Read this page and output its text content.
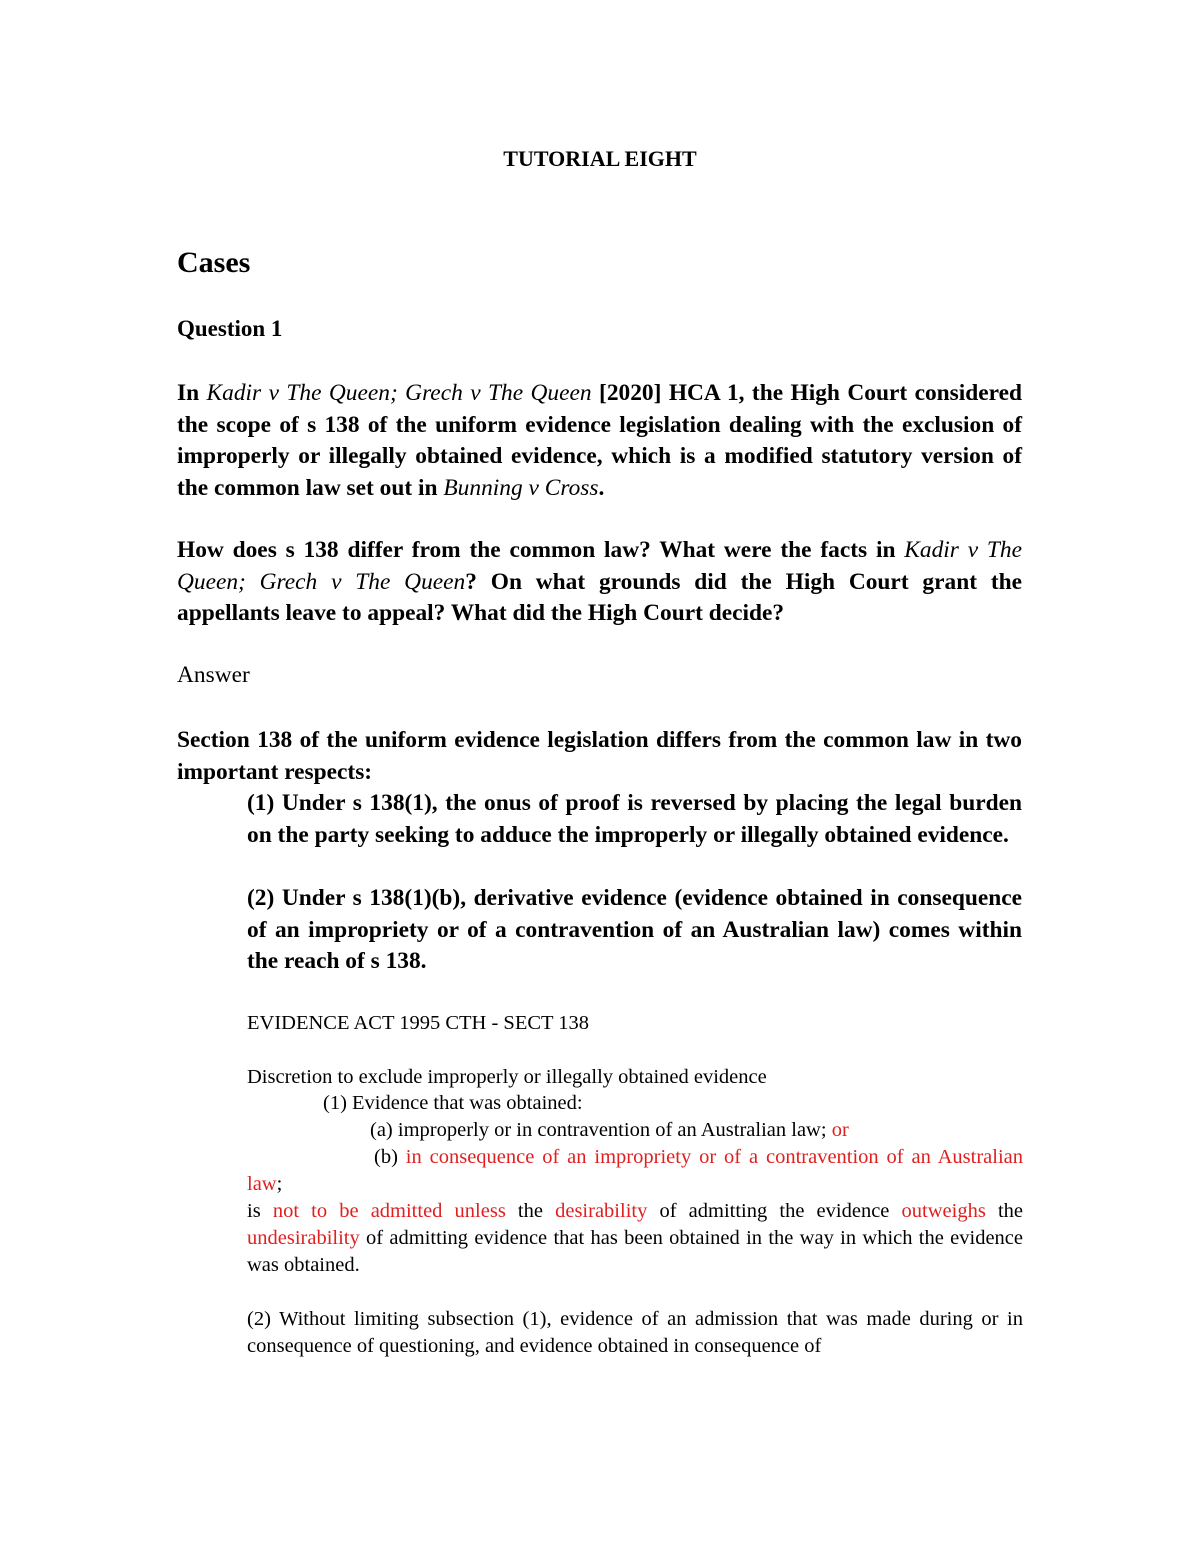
TUTORIAL EIGHT
Cases
Question 1
In Kadir v The Queen; Grech v The Queen [2020] HCA 1, the High Court considered the scope of s 138 of the uniform evidence legislation dealing with the exclusion of improperly or illegally obtained evidence, which is a modified statutory version of the common law set out in Bunning v Cross.
How does s 138 differ from the common law? What were the facts in Kadir v The Queen; Grech v The Queen? On what grounds did the High Court grant the appellants leave to appeal? What did the High Court decide?
Answer
Section 138 of the uniform evidence legislation differs from the common law in two important respects:

(1) Under s 138(1), the onus of proof is reversed by placing the legal burden on the party seeking to adduce the improperly or illegally obtained evidence.

(2) Under s 138(1)(b), derivative evidence (evidence obtained in consequence of an impropriety or of a contravention of an Australian law) comes within the reach of s 138.

EVIDENCE ACT 1995 CTH - SECT 138
Discretion to exclude improperly or illegally obtained evidence
(1) Evidence that was obtained:
(a) improperly or in contravention of an Australian law; or
(b) in consequence of an impropriety or of a contravention of an Australian law;
is not to be admitted unless the desirability of admitting the evidence outweighs the undesirability of admitting evidence that has been obtained in the way in which the evidence was obtained.
(2) Without limiting subsection (1), evidence of an admission that was made during or in consequence of questioning, and evidence obtained in consequence of
